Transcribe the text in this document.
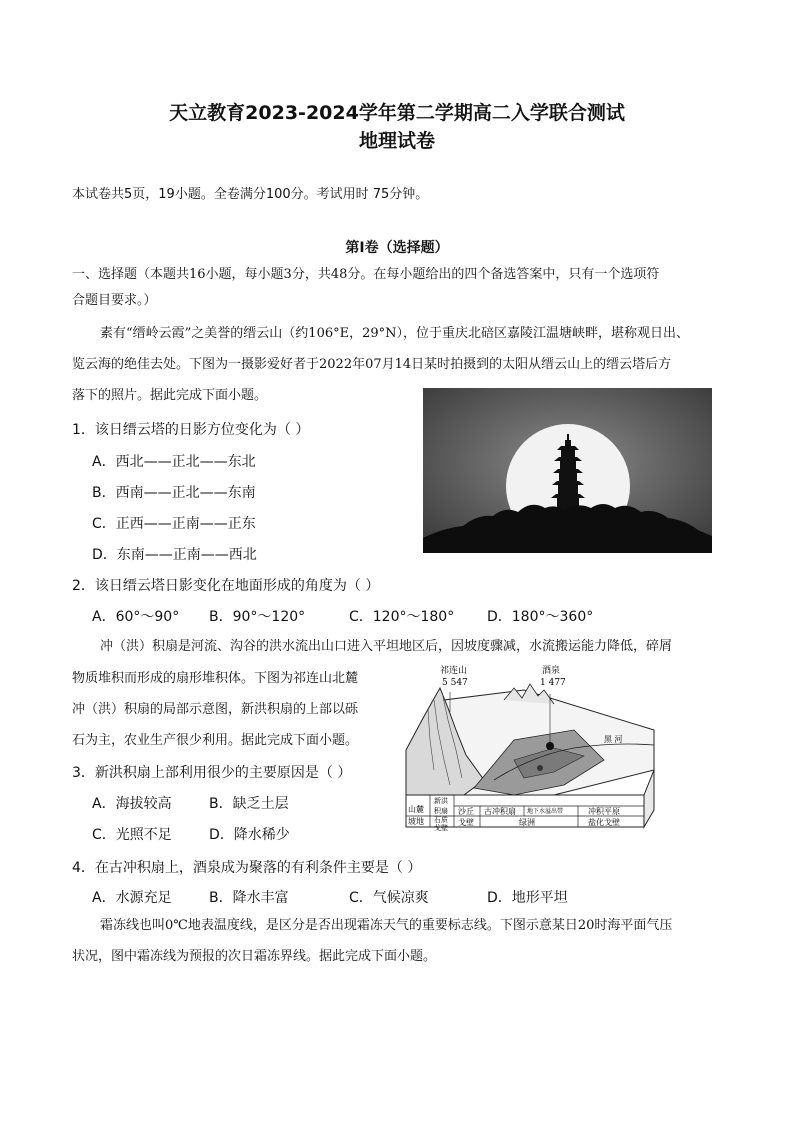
天立教育2023-2024学年第二学期高二入学联合测试
地理试卷
本试卷共5页，19小题。全卷满分100分。考试用时 75分钟。
第Ⅰ卷（选择题）
一、选择题（本题共16小题，每小题3分，共48分。在每小题给出的四个备选答案中，只有一个选项符
合题目要求。）
素有“缙岭云霞”之美誉的缙云山（约106°E，29°N），位于重庆北碚区嘉陵江温塘峡畔，堪称观日出、
览云海的绝佳去处。下图为一摄影爱好者于2022年07月14日某时拍摄到的太阳从缙云山上的缙云塔后方
落下的照片。据此完成下面小题。
1．该日缙云塔的日影方位变化为（ ）
A．西北——正北——东北
B．西南——正北——东南
C．正西——正南——正东
D．东南——正南——西北
2．该日缙云塔日影变化在地面形成的角度为（ ）
A．60°～90° B．90°～120°	C．120°～180° D．180°～360°
冲（洪）积扇是河流、沟谷的洪水流出山口进入平坦地区后，因坡度骤减，水流搬运能力降低，碎屑
物质堆积而形成的扇形堆积体。下图为祁连山北麓
冲（洪）积扇的局部示意图，新洪积扇的上部以砾
石为主，农业生产很少利用。据此完成下面小题。	黑 河
祁连山
5 547
酒泉
1 477
山麓
坡地
新洪
积扇
石质
戈壁
沙丘
戈壁
古冲积扇 地下水溢出带
绿洲
冲积平原
盐化戈壁
3．新洪积扇上部利用很少的主要原因是（ ）
A．海拔较高	B．缺乏土层
C．光照不足	D．降水稀少
4．在古冲积扇上，酒泉成为聚落的有利条件主要是（ ）
A．水源充足	B．降水丰富	C．气候凉爽	D．地形平坦
霜冻线也叫0℃地表温度线，是区分是否出现霜冻天气的重要标志线。下图示意某日20时海平面气压
状况，图中霜冻线为预报的次日霜冻界线。据此完成下面小题。
